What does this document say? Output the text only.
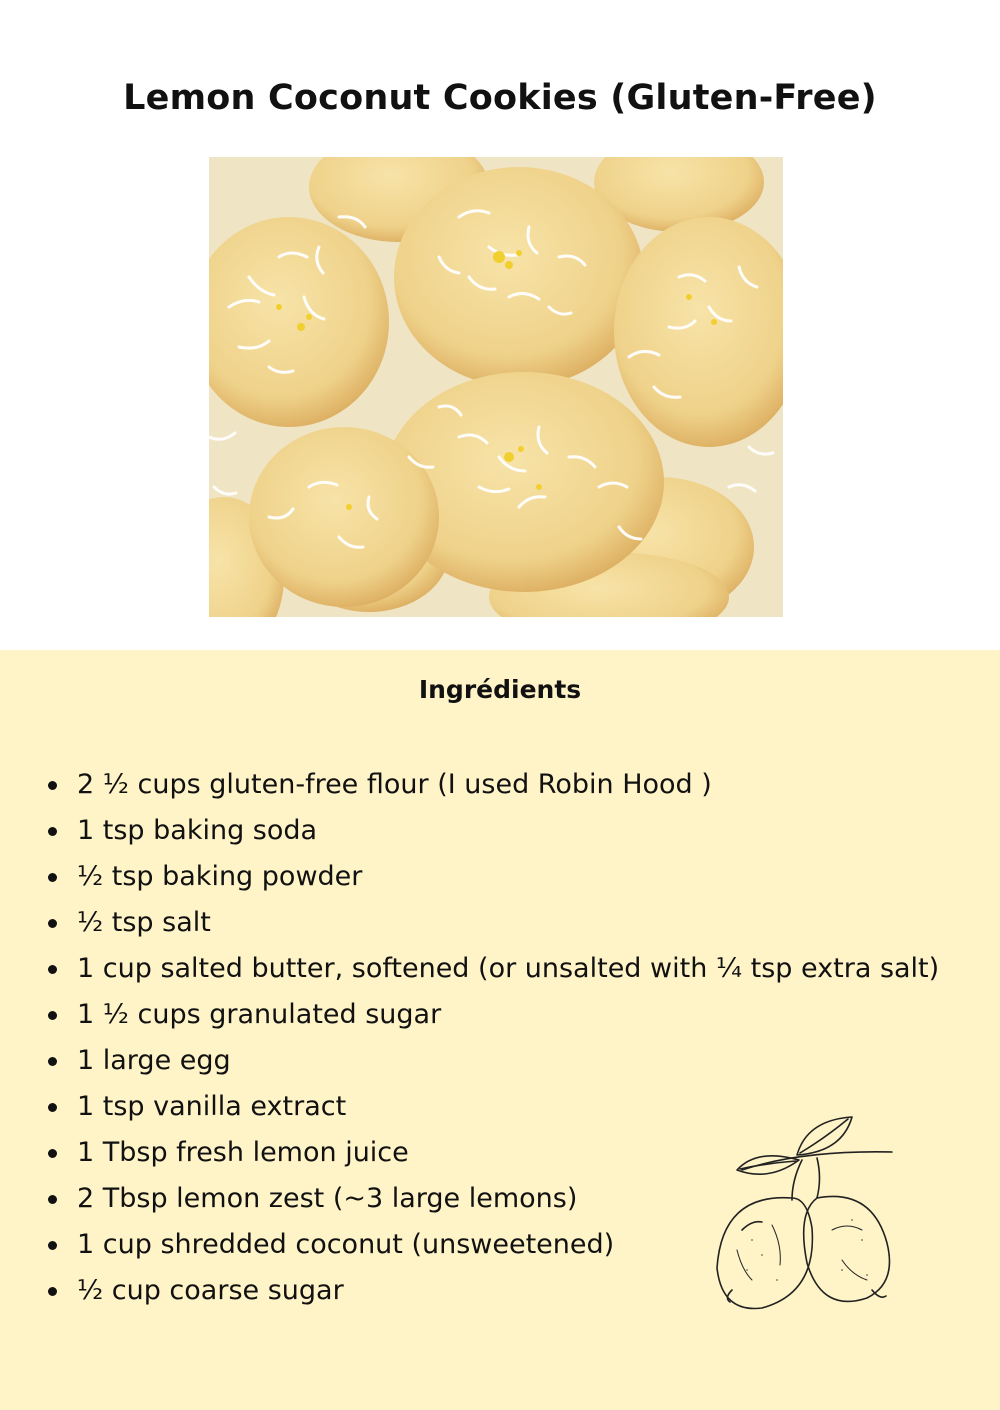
Lemon Coconut Cookies (Gluten-Free)
Ingrédients
2 ½ cups gluten-free flour (I used Robin Hood )
1 tsp baking soda
½ tsp baking powder
½ tsp salt
1 cup salted butter, softened (or unsalted with ¼ tsp extra salt)
1 ½ cups granulated sugar
1 large egg
1 tsp vanilla extract
1 Tbsp fresh lemon juice
2 Tbsp lemon zest (~3 large lemons)
1 cup shredded coconut (unsweetened)
½ cup coarse sugar
